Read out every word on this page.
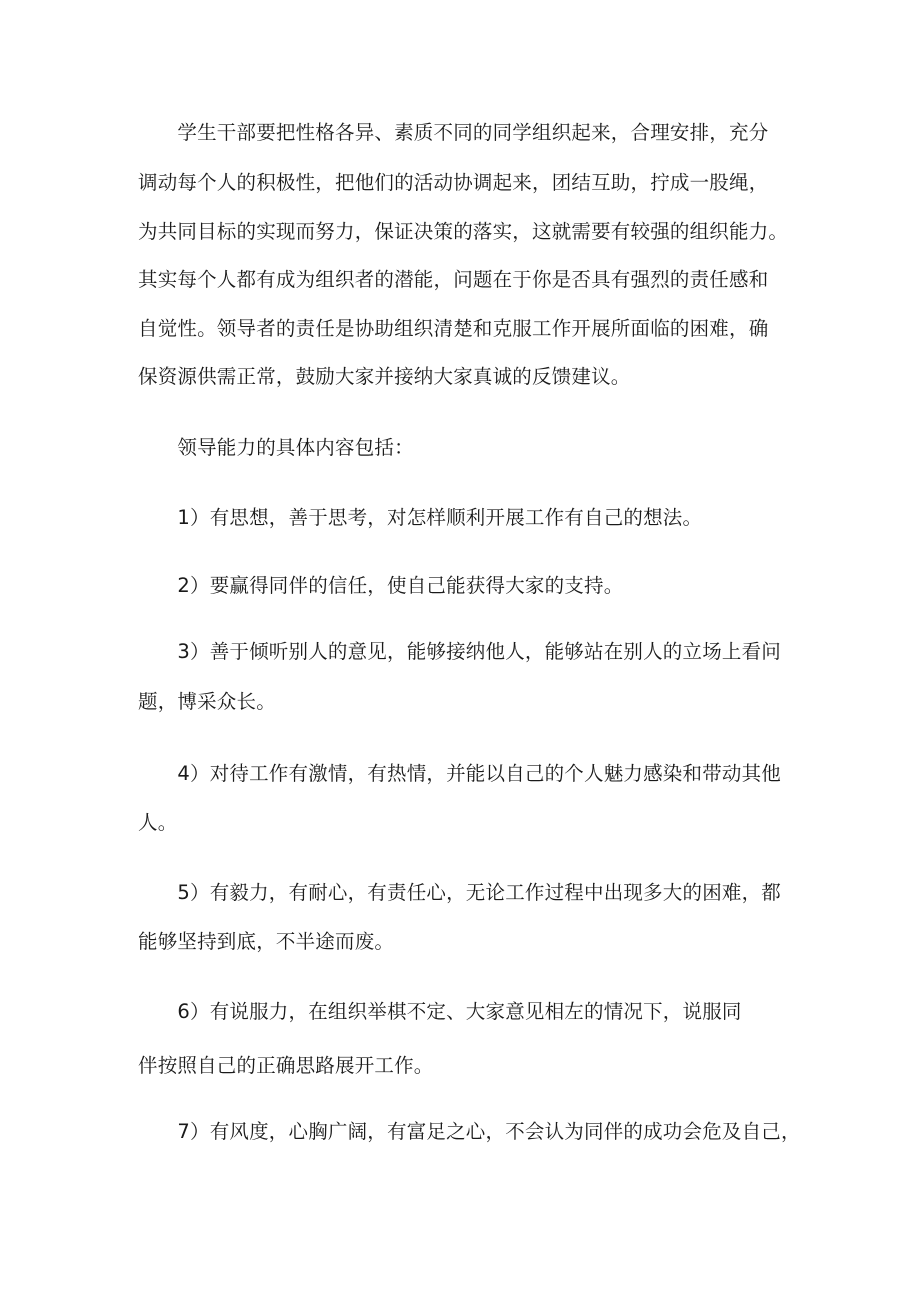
　　学生干部要把性格各异、素质不同的同学组织起来，合理安排，充分

调动每个人的积极性，把他们的活动协调起来，团结互助，拧成一股绳，

为共同目标的实现而努力，保证决策的落实，这就需要有较强的组织能力。

其实每个人都有成为组织者的潜能，问题在于你是否具有强烈的责任感和

自觉性。领导者的责任是协助组织清楚和克服工作开展所面临的困难，确

保资源供需正常，鼓励大家并接纳大家真诚的反馈建议。

　　领导能力的具体内容包括：

　　1）有思想，善于思考，对怎样顺利开展工作有自己的想法。

　　2）要赢得同伴的信任，使自己能获得大家的支持。

　　3）善于倾听别人的意见，能够接纳他人，能够站在别人的立场上看问

题，博采众长。

　　4）对待工作有激情，有热情，并能以自己的个人魅力感染和带动其他

人。

　　5）有毅力，有耐心，有责任心，无论工作过程中出现多大的困难，都

能够坚持到底，不半途而废。

　　6）有说服力，在组织举棋不定、大家意见相左的情况下，说服同

伴按照自己的正确思路展开工作。

　　7）有风度，心胸广阔，有富足之心，不会认为同伴的成功会危及自己，
